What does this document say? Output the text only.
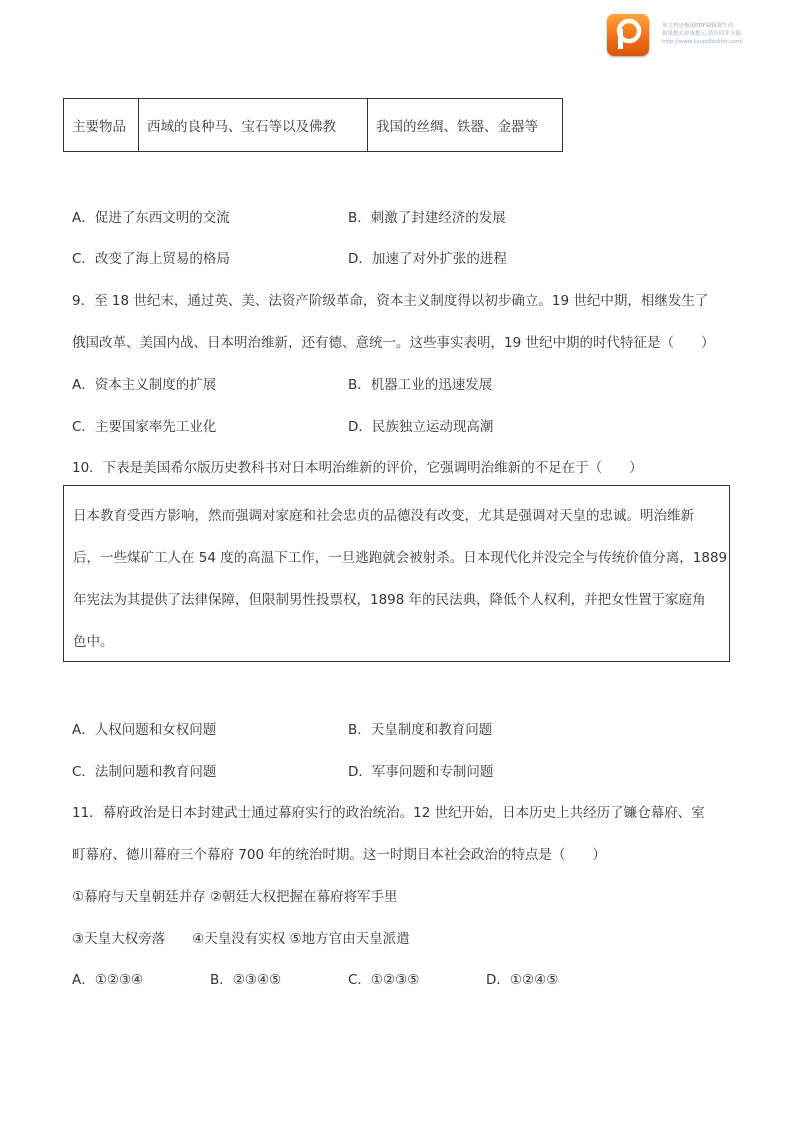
该文档是极速PDF编辑器生成,
如果想去掉该提示,请访问并下载:
http://www.jisupdfeditor.com/
主要物品	西域的良种马、宝石等以及佛教	我国的丝绸、铁器、金器等
A．促进了东西文明的交流	B．刺激了封建经济的发展
C．改变了海上贸易的格局	D．加速了对外扩张的进程
9．至 18 世纪末，通过英、美、法资产阶级革命，资本主义制度得以初步确立。19 世纪中期，相继发生了
俄国改革、美国内战、日本明治维新，还有德、意统一。这些事实表明，19 世纪中期的时代特征是（　　）
A．资本主义制度的扩展	B．机器工业的迅速发展
C．主要国家率先工业化	D．民族独立运动现高潮
10．下表是美国希尔版历史教科书对日本明治维新的评价，它强调明治维新的不足在于（　　）

日本教育受西方影响，然而强调对家庭和社会忠贞的品德没有改变，尤其是强调对天皇的忠诚。明治维新

后，一些煤矿工人在 54 度的高温下工作，一旦逃跑就会被射杀。日本现代化并没完全与传统价值分离，1889

年宪法为其提供了法律保障，但限制男性投票权，1898 年的民法典，降低个人权利，并把女性置于家庭角

色中。

A．人权问题和女权问题	B．天皇制度和教育问题
C．法制问题和教育问题	D．军事问题和专制问题
11．幕府政治是日本封建武士通过幕府实行的政治统治。12 世纪开始，日本历史上共经历了镰仓幕府、室
町幕府、德川幕府三个幕府 700 年的统治时期。这一时期日本社会政治的特点是（　　）
①幕府与天皇朝廷并存 ②朝廷大权把握在幕府将军手里
③天皇大权旁落　　④天皇没有实权 ⑤地方官由天皇派遣
A．①②③④	B．②③④⑤	C．①②③⑤	D．①②④⑤
